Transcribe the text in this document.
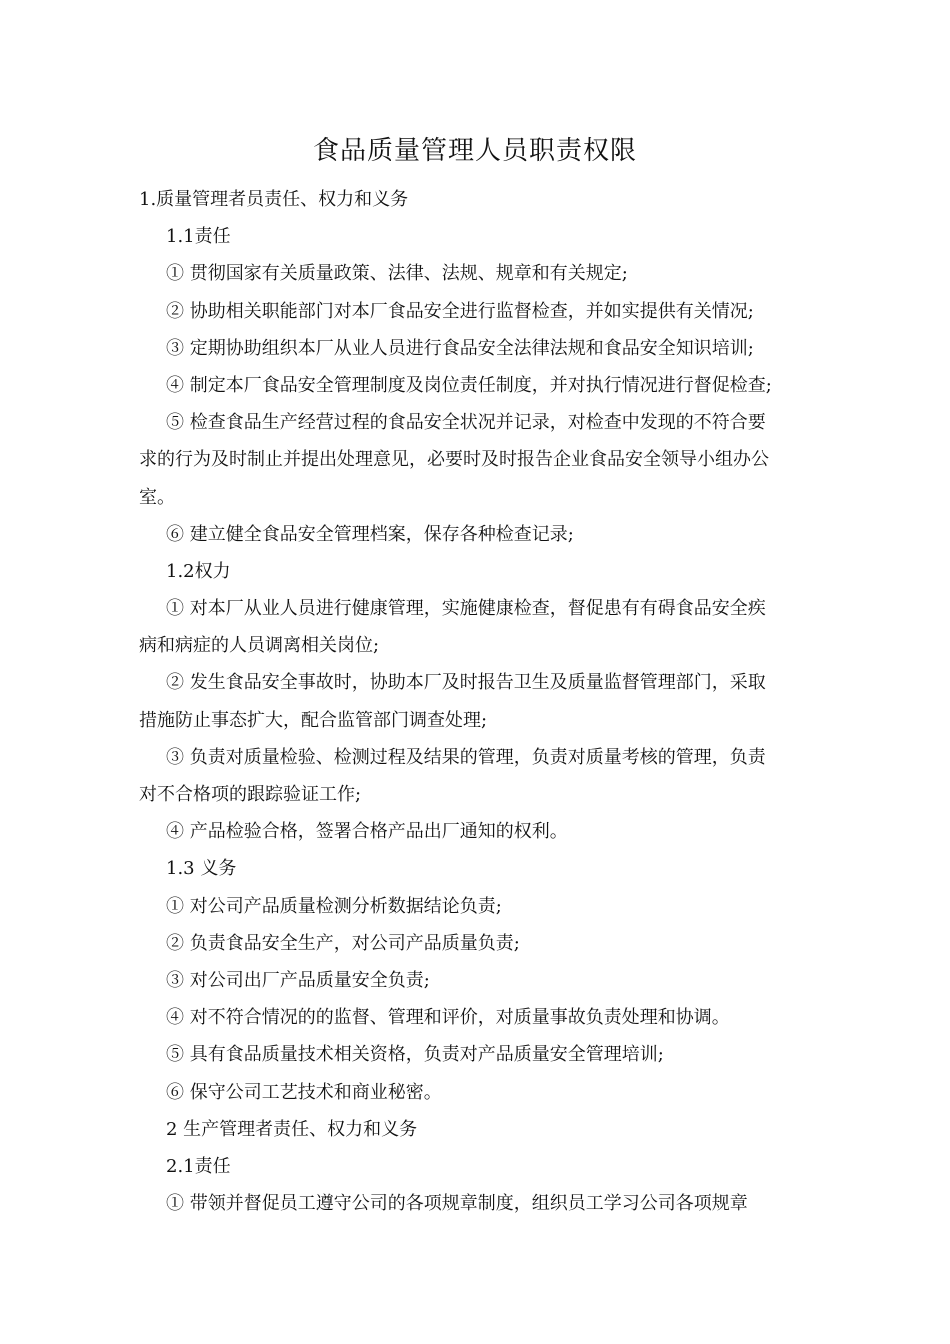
食品质量管理人员职责权限
1.质量管理者员责任、权力和义务
1.1责任
① 贯彻国家有关质量政策、法律、法规、规章和有关规定;
② 协助相关职能部门对本厂食品安全进行监督检查，并如实提供有关情况;
③ 定期协助组织本厂从业人员进行食品安全法律法规和食品安全知识培训;
④ 制定本厂食品安全管理制度及岗位责任制度，并对执行情况进行督促检查;
⑤ 检查食品生产经营过程的食品安全状况并记录，对检查中发现的不符合要
求的行为及时制止并提出处理意见，必要时及时报告企业食品安全领导小组办公
室。
⑥ 建立健全食品安全管理档案，保存各种检查记录;
1.2权力
① 对本厂从业人员进行健康管理，实施健康检查，督促患有有碍食品安全疾
病和病症的人员调离相关岗位;
② 发生食品安全事故时，协助本厂及时报告卫生及质量监督管理部门，采取
措施防止事态扩大，配合监管部门调查处理;
③ 负责对质量检验、检测过程及结果的管理，负责对质量考核的管理，负责
对不合格项的跟踪验证工作;
④ 产品检验合格，签署合格产品出厂通知的权利。
1.3 义务
① 对公司产品质量检测分析数据结论负责;
② 负责食品安全生产，对公司产品质量负责;
③ 对公司出厂产品质量安全负责;
④ 对不符合情况的的监督、管理和评价，对质量事故负责处理和协调。
⑤ 具有食品质量技术相关资格，负责对产品质量安全管理培训;
⑥ 保守公司工艺技术和商业秘密。
2 生产管理者责任、权力和义务
2.1责任
① 带领并督促员工遵守公司的各项规章制度，组织员工学习公司各项规章
